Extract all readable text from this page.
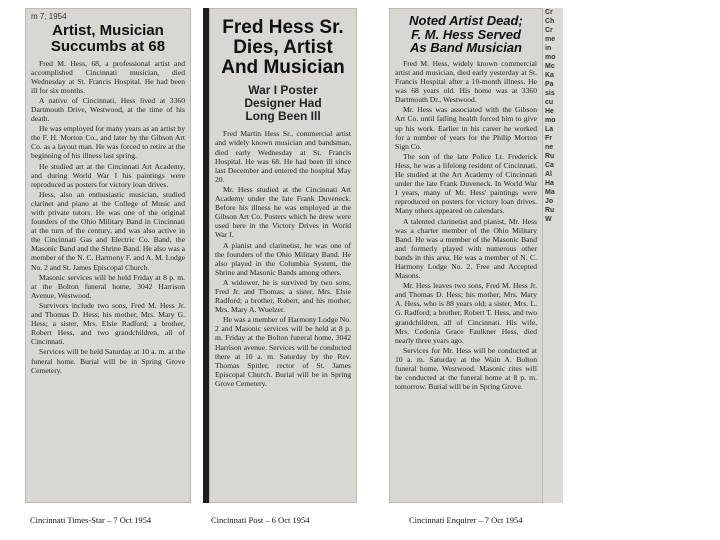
m 7, 1954
Artist, Musician
Succumbs at 68

Fred M. Hess, 68, a professional artist and accomplished Cincinnati musician, died Wednesday at St. Francis Hospital. He had been ill for six months.

A native of Cincinnati, Hess lived at 3360 Dartmouth Drive, Westwood, at the time of his death.

He was employed for many years as an artist by the F. H. Morton Co., and later by the Gibson Art Co. as a layout man. He was forced to retire at the beginning of his illness last spring.

He studied art at the Cincinnati Art Academy, and during World War I his paintings were reproduced as posters for victory loan drives.

Hess, also an enthusiastic musician, studied clarinet and piano at the College of Music and with private tutors. He was one of the original founders of the Ohio Military Band in Cincinnati at the turn of the century, and was also active in the Cincinnati Gas and Electric Co. Band, the Masonic Band and the Shrine Band. He also was a member of the N. C. Harmony F. and A. M. Lodge No. 2 and St. James Episcopal Church.

Masonic services will be held Friday at 8 p. m. at the Bolton funeral home, 3042 Harrison Avenue, Westwood.

Survivors include two sons, Fred M. Hess Jr. and Thomas D. Hess; his mother, Mrs. Mary G. Hess; a sister, Mrs. Elsie Radford; a brother, Robert Hess, and two grandchildren, all of Cincinnati.

Services will be held Saturday at 10 a. m. at the funeral home. Burial will be in Spring Grove Cemetery.

Fred Hess Sr.
Dies, Artist
And Musician
War I Poster
Designer Had
Long Been Ill

Fred Martin Hess Sr., commercial artist and widely known musician and bandsman, died early Wednesday at St. Francis Hospital. He was 68. He had been ill since last December and entered the hospital May 20.

Mr. Hess studied at the Cincinnati Art Academy under the late Frank Duveneck. Before his illness he was employed at the Gibson Art Co. Posters which he drew were used here in the Victory Drives in World War I.

A pianist and clarinetist, he was one of the founders of the Ohio Military Band. He also played in the Columbia System, the Shrine and Masonic Bands among others.

A widower, he is survived by two sons, Fred Jr. and Thomas; a sister, Mrs. Elsie Radford; a brother, Robert, and his mother, Mrs. Mary A. Wuelzer.

He was a member of Harmony Lodge No. 2 and Masonic services will be held at 8 p. m. Friday at the Bolton funeral home, 3042 Harrison avenue. Services will be conducted there at 10 a. m. Saturday by the Rev. Thomas Spitler, rector of St. James Episcopal Church. Burial will be in Spring Grove Cemetery.

Noted Artist Dead;
F. M. Hess Served
As Band Musician

Fred M. Hess, widely known commercial artist and musician, died early yesterday at St. Francis Hospital after a 10-month illness. He was 68 years old. His home was at 3360 Dartmouth Dr., Westwood.

Mr. Hess was associated with the Gibson Art Co. until failing health forced him to give up his work. Earlier in his career he worked for a number of years for the Philip Morton Sign Co.

The son of the late Police Lt. Frederick Hess, he was a lifelong resident of Cincinnati. He studied at the Art Academy of Cincinnati under the late Frank Duveneck. In World War I years, many of Mr. Hess' paintings were reproduced on posters for victory loan drives. Many others appeared on calendars.

A talented clarinetist and pianist, Mr. Hess was a charter member of the Ohio Military Band. He was a member of the Masonic Band and formerly played with numerous other bands in this area. He was a member of N. C. Harmony Lodge No. 2, Free and Accepted Masons.

Mr. Hess leaves two sons, Fred M. Hess Jr. and Thomas D. Hess; his mother, Mrs. Mary A. Hess, who is 88 years old; a sister, Mrs. L. G. Radford; a brother, Robert T. Hess, and two grandchildren, all of Cincinnati. His wife, Mrs. Cedonia Grace Faulkner Hess, died nearly three years ago.

Services for Mr. Hess will be conducted at 10 a. m. Saturday at the Wain A. Bolton funeral home, Westwood. Masonic rites will be conducted at the funeral home at 8 p. m. tomorrow. Burial will be in Spring Grove.

Cr
Ch
Cr
me
in
mo
Mc
Ka
Pa
sis
cu
He
mo
La
Fr
ne
Ru
Ca
Al
Ha
Ma
Jo
Ru
W
Cincinnati Times-Star – 7 Oct 1954	Cincinnati Post – 6 Oct 1954	Cincinnati Enquirer – 7 Oct 1954
